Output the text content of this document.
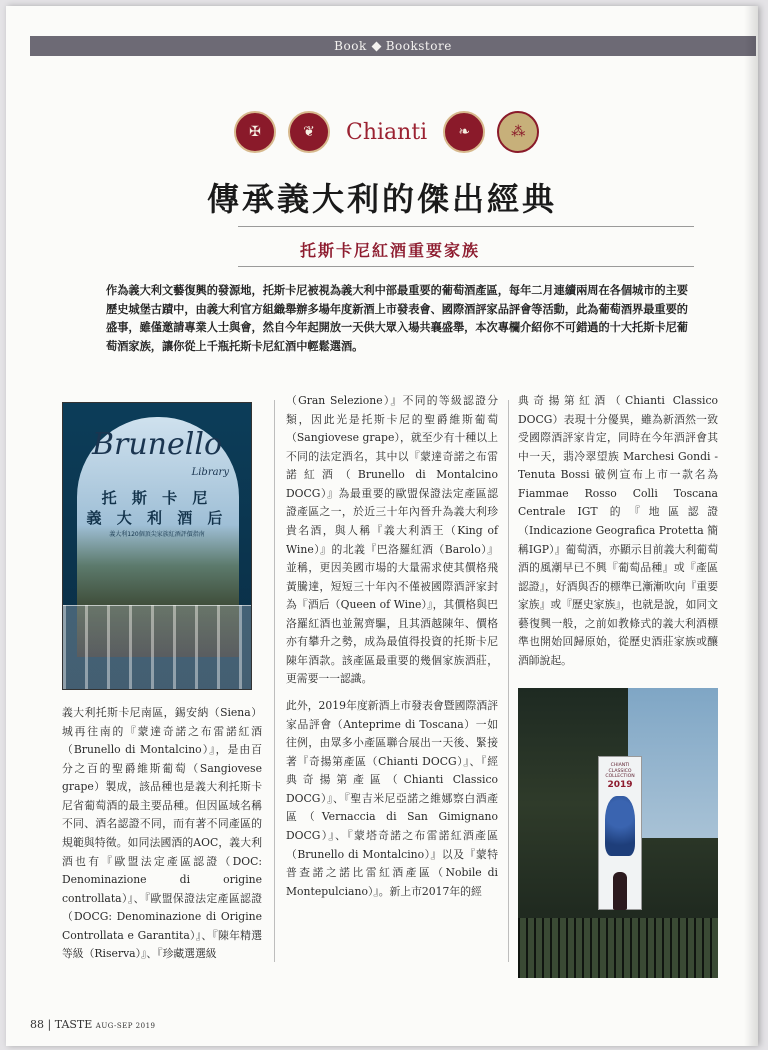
Book Bookstore
✠	❦	Chianti	❧	⁂
傳承義大利的傑出經典
托斯卡尼紅酒重要家族

作為義大利文藝復興的發源地，托斯卡尼被視為義大利中部最重要的葡萄酒產區，每年二月連續兩周在各個城市的主要歷史城堡古蹟中，由義大利官方組織舉辦多場年度新酒上市發表會、國際酒評家品評會等活動，此為葡萄酒界最重要的盛事，雖僅邀請專業人士與會，然自今年起開放一天供大眾入場共襄盛舉，本次專欄介紹你不可錯過的十大托斯卡尼葡萄酒家族，讓你從上千瓶托斯卡尼紅酒中輕鬆選酒。

Brunello
Library
托 斯 卡 尼
義 大 利 酒 后
義大利120個頂尖家族紅酒評價指南

義大利托斯卡尼南區，錫安納（Siena）城再往南的『蒙達奇諾之布雷諾紅酒（Brunello di Montalcino）』，是由百分之百的聖爵維斯葡萄（Sangiovese grape）製成，該品種也是義大利托斯卡尼省葡萄酒的最主要品種。但因區域名稱不同、酒名認證不同，而有著不同產區的規範與特徵。如同法國酒的AOC，義大利酒也有『歐盟法定產區認證（DOC: Denominazione di origine controllata）』、『歐盟保證法定產區認證（DOCG: Denominazione di Origine Controllata e Garantita）』、『陳年精選等級（Riserva）』、『珍藏選選級

（Gran Selezione）』不同的等級認證分類，因此光是托斯卡尼的聖爵維斯葡萄（Sangiovese grape），就至少有十種以上不同的法定酒名，其中以『蒙達奇諾之布雷諾紅酒（Brunello di Montalcino DOCG）』為最重要的歐盟保證法定產區認證產區之一，於近三十年內晉升為義大利珍貴名酒，與人稱『義大利酒王（King of Wine）』的北義『巴洛羅紅酒（Barolo）』並稱，更因美國市場的大量需求使其價格飛黃騰達，短短三十年內不僅被國際酒評家封為『酒后（Queen of Wine）』，其價格與巴洛羅紅酒也並駕齊驅，且其酒越陳年、價格亦有攀升之勢，成為最值得投資的托斯卡尼陳年酒款。該產區最重要的幾個家族酒莊，更需要一一認識。

此外，2019年度新酒上市發表會暨國際酒評家品評會（Anteprime di Toscana）一如往例，由眾多小產區聯合展出一天後、緊接著『奇揚第產區（Chianti DOCG）』、『經典奇揚第產區（Chianti Classico DOCG）』、『聖吉米尼亞諾之維娜察白酒產區（Vernaccia di San Gimignano DOCG）』、『蒙塔奇諾之布雷諾紅酒產區（Brunello di Montalcino）』以及『蒙特普查諾之諾比雷紅酒產區（Nobile di Montepulciano）』。新上市2017年的經

典奇揚第紅酒（Chianti Classico DOCG）表現十分優異，雖為新酒然一致受國際酒評家肯定，同時在今年酒評會其中一天，翡冷翠望族 Marchesi Gondi - Tenuta Bossi 破例宣布上市一款名為 Fiammae Rosso Colli Toscana Centrale IGT 的『地區認證（Indicazione Geografica Protetta 簡稱IGP）』葡萄酒，亦顯示目前義大利葡萄酒的風潮早已不興『葡萄品種』或『產區認證』，好酒與否的標準已漸漸吹向『重要家族』或『歷史家族』，也就是說，如同文藝復興一般，之前如教條式的義大利酒標準也開始回歸原始，從歷史酒莊家族或釀酒師說起。

CHIANTI CLASSICO COLLECTION
2019
88 | TASTE AUG-SEP 2019
